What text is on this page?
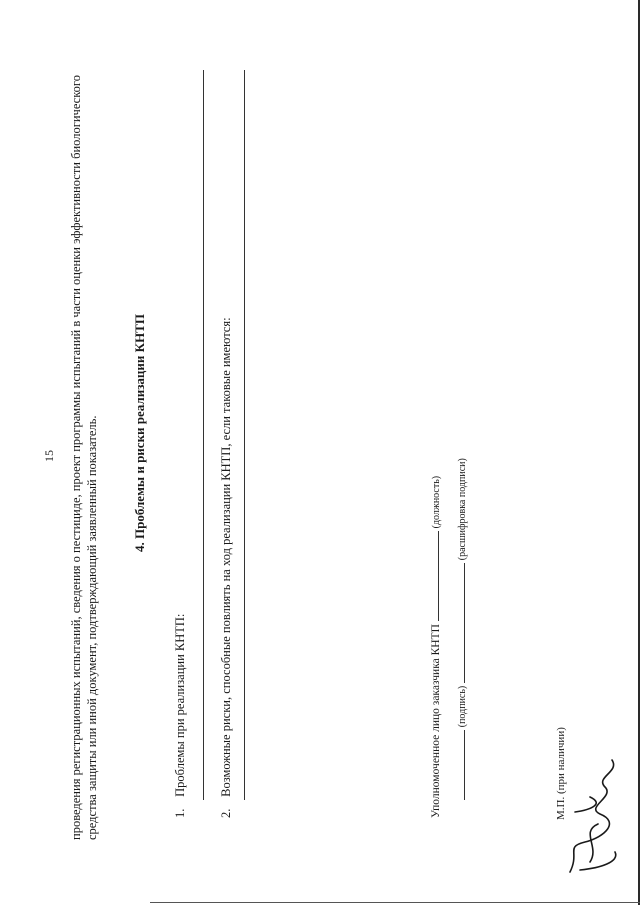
15 проведения регистрационных испытаний, сведения о пестициде, проект программы испытаний в части оценки эффективности биологического средства защиты или иной документ, подтверждающий заявленный показатель.	4. Проблемы и риски реализации КНТП
1. Проблемы при реализации КНТП:
2. Возможные риски, способные повлиять на ход реализации КНТП, если таковые имеются:	Уполномоченное лицо заказчика КНТП  (должность)
(подпись)  (расшифровка подписи)
М.П. (при наличии)
